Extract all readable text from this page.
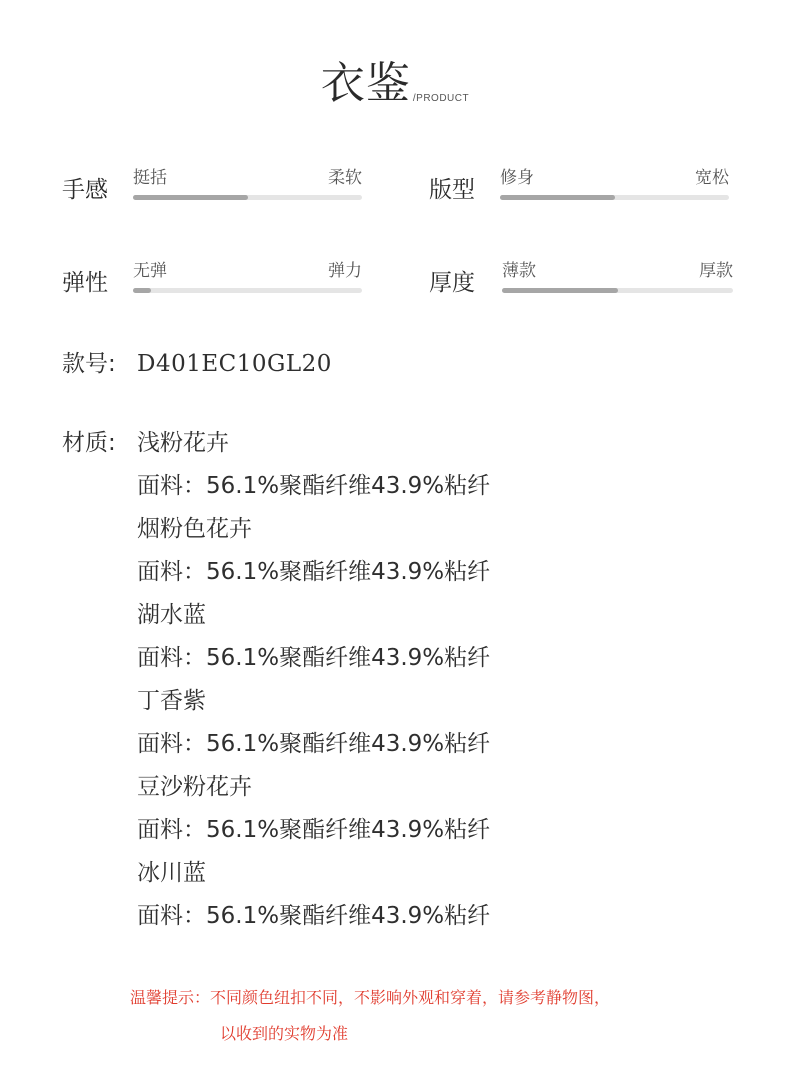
衣鉴 /PRODUCT
手感 挺括	柔软	版型 修身	宽松
弹性 无弹	弹力	厚度 薄款	厚款
款号: D401EC10GL20
材质: 浅粉花卉
面料：56.1%聚酯纤维43.9%粘纤
烟粉色花卉
面料：56.1%聚酯纤维43.9%粘纤
湖水蓝
面料：56.1%聚酯纤维43.9%粘纤
丁香紫
面料：56.1%聚酯纤维43.9%粘纤
豆沙粉花卉
面料：56.1%聚酯纤维43.9%粘纤
冰川蓝
面料：56.1%聚酯纤维43.9%粘纤
温馨提示：不同颜色纽扣不同，不影响外观和穿着，请参考静物图，
以收到的实物为准
